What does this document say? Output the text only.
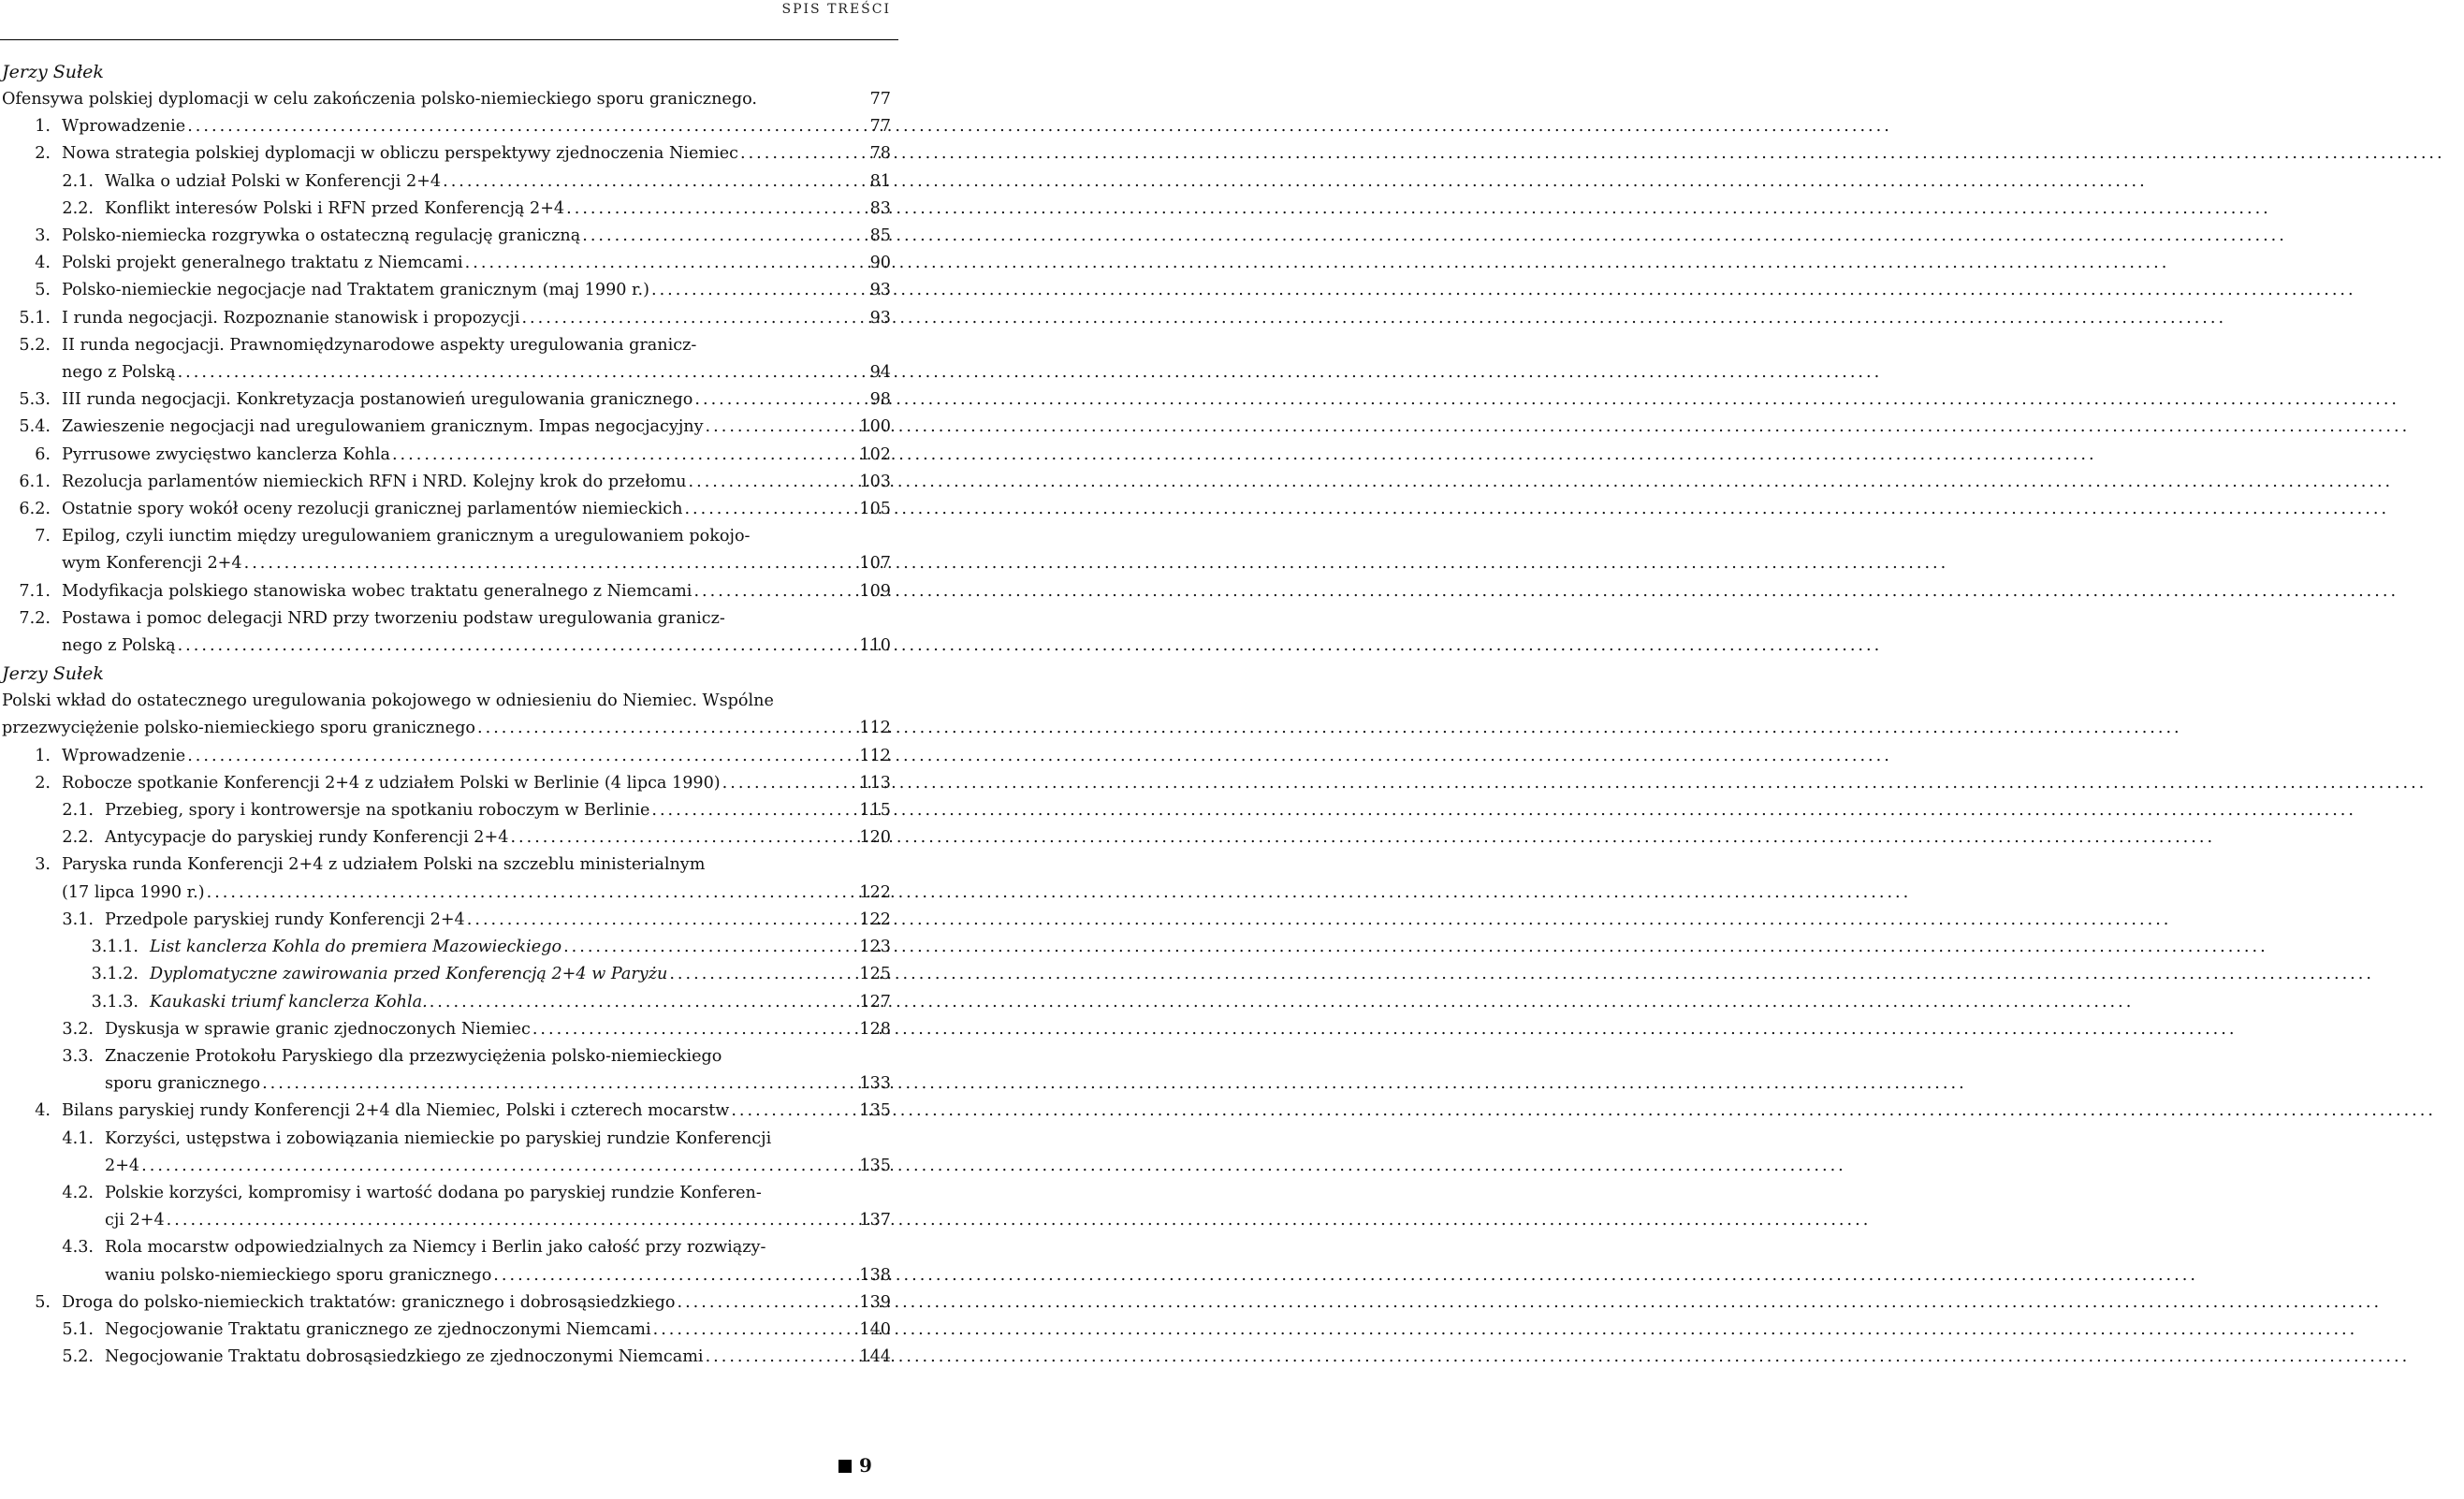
SPIS TREŚCI
Jerzy Sułek
Ofensywa polskiej dyplomacji w celu zakończenia polsko-niemieckiego sporu granicznego.	77
1. Wprowadzenie .....	77
2. Nowa strategia polskiej dyplomacji w obliczu perspektywy zjednoczenia Niemiec .....	78
2.1. Walka o udział Polski w Konferencji 2+4 .....	81
2.2. Konflikt interesów Polski i RFN przed Konferencją 2+4 .....	83
3. Polsko-niemiecka rozgrywka o ostateczną regulację graniczną .....	85
4. Polski projekt generalnego traktatu z Niemcami .....	90
5. Polsko-niemieckie negocjacje nad Traktatem granicznym (maj 1990 r.) .....	93
5.1. I runda negocjacji. Rozpoznanie stanowisk i propozycji .....	93
5.2. II runda negocjacji. Prawnomiędzynarodowe aspekty uregulowania granicz-
nego z Polską .....	94
5.3. III runda negocjacji. Konkretyzacja postanowień uregulowania granicznego .....	98
5.4. Zawieszenie negocjacji nad uregulowaniem granicznym. Impas negocjacyjny .....	100
6. Pyrrusowe zwycięstwo kanclerza Kohla .....	102
6.1. Rezolucja parlamentów niemieckich RFN i NRD. Kolejny krok do przełomu .....	103
6.2. Ostatnie spory wokół oceny rezolucji granicznej parlamentów niemieckich .....	105
7. Epilog, czyli iunctim między uregulowaniem granicznym a uregulowaniem pokojo-
wym Konferencji 2+4 .....	107
7.1. Modyfikacja polskiego stanowiska wobec traktatu generalnego z Niemcami .....	109
7.2. Postawa i pomoc delegacji NRD przy tworzeniu podstaw uregulowania granicz-
nego z Polską .....	110
Jerzy Sułek
Polski wkład do ostatecznego uregulowania pokojowego w odniesieniu do Niemiec. Wspólne
przezwyciężenie polsko-niemieckiego sporu granicznego .....	112
1. Wprowadzenie .....	112
2. Robocze spotkanie Konferencji 2+4 z udziałem Polski w Berlinie (4 lipca 1990) .....	113
2.1. Przebieg, spory i kontrowersje na spotkaniu roboczym w Berlinie .....	115
2.2. Antycypacje do paryskiej rundy Konferencji 2+4 .....	120
3. Paryska runda Konferencji 2+4 z udziałem Polski na szczeblu ministerialnym
(17 lipca 1990 r.) .....	122
3.1. Przedpole paryskiej rundy Konferencji 2+4 .....	122
3.1.1. List kanclerza Kohla do premiera Mazowieckiego .....	123
3.1.2. Dyplomatyczne zawirowania przed Konferencją 2+4 w Paryżu .....	125
3.1.3. Kaukaski triumf kanclerza Kohla. .....	127
3.2. Dyskusja w sprawie granic zjednoczonych Niemiec .....	128
3.3. Znaczenie Protokołu Paryskiego dla przezwyciężenia polsko-niemieckiego
sporu granicznego .....	133
4. Bilans paryskiej rundy Konferencji 2+4 dla Niemiec, Polski i czterech mocarstw .....	135
4.1. Korzyści, ustępstwa i zobowiązania niemieckie po paryskiej rundzie Konferencji
2+4 .....	135
4.2. Polskie korzyści, kompromisy i wartość dodana po paryskiej rundzie Konferen-
cji 2+4 .....	137
4.3. Rola mocarstw odpowiedzialnych za Niemcy i Berlin jako całość przy rozwiązy-
waniu polsko-niemieckiego sporu granicznego .....	138
5. Droga do polsko-niemieckich traktatów: granicznego i dobrosąsiedzkiego .....	139
5.1. Negocjowanie Traktatu granicznego ze zjednoczonymi Niemcami .....	140
5.2. Negocjowanie Traktatu dobrosąsiedzkiego ze zjednoczonymi Niemcami .....	144
9
